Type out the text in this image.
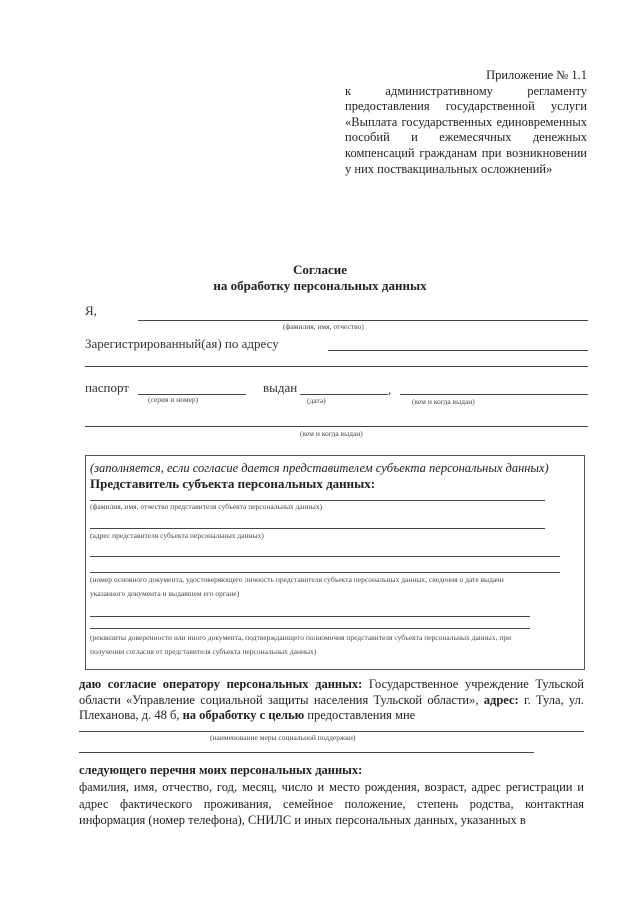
Приложение № 1.1
к административному регламенту предоставления государственной услуги «Выплата государственных единовременных пособий и ежемесячных денежных компенсаций гражданам при возникновении у них поствакцинальных осложнений»
Согласие
на обработку персональных данных
Я,
(фамилия, имя, отчество)
Зарегистрированный(ая) по адресу
паспорт
(серия и номер)
выдан
(дата)
,
(кем и когда выдан)
(кем и когда выдан)
(заполняется, если согласие дается представителем субъекта персональных данных)
Представитель субъекта персональных данных:
(фамилия, имя, отчество представителя субъекта персональных данных)
(адрес представителя субъекта персональных данных)
(номер основного документа, удостоверяющего личность представителя субъекта персональных данных, сведения о дате выдачи
указанного документа и выдавшем его органе)
(реквизиты доверенности или иного документа, подтверждающего полномочия представителя субъекта персональных данных, при
получении согласия от представителя субъекта персональных данных)
даю согласие оператору персональных данных: Государственное учреждение Тульской области «Управление социальной защиты населения Тульской области», адрес: г. Тула, ул. Плеханова, д. 48 б, на обработку с целью предоставления мне
(наименование меры социальной поддержки)
следующего перечня моих персональных данных:
фамилия, имя, отчество, год, месяц, число и место рождения, возраст, адрес регистрации и адрес фактического проживания, семейное положение, степень родства, контактная информация (номер телефона), СНИЛС и иных персональных данных, указанных в
